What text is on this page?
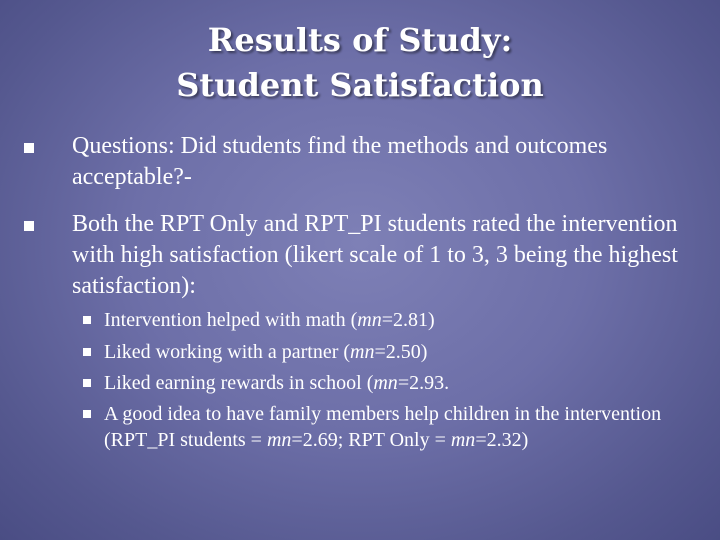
Results of Study:
Student Satisfaction
Questions: Did students find the methods and outcomes acceptable?-
Both the RPT Only and RPT_PI students rated the intervention with high satisfaction (likert scale of 1 to 3, 3 being the highest satisfaction):
Intervention helped with math (mn=2.81)
Liked working with a partner (mn=2.50)
Liked earning rewards in school (mn=2.93.
A good idea to have family members help children in the intervention (RPT_PI students = mn=2.69; RPT Only = mn=2.32)
